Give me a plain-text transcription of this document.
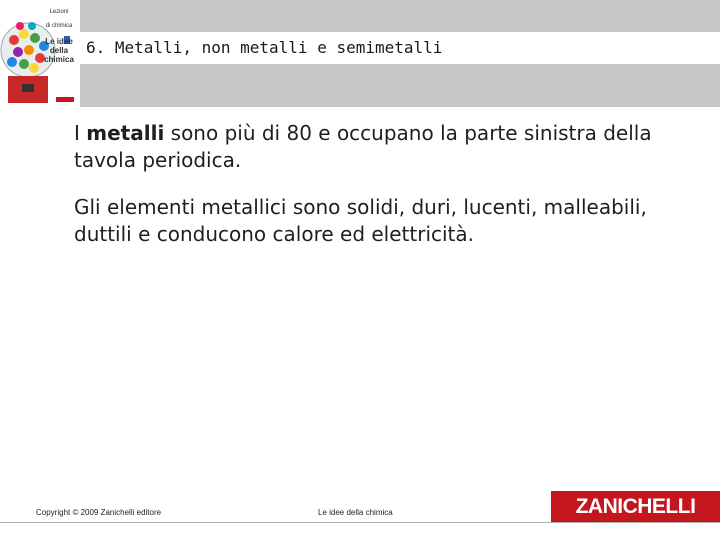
Lezioni

di chimica

Le idee della chimica

6. Metalli, non metalli e semimetalli
I metalli sono più di 80 e occupano la parte sinistra della tavola periodica.
Gli elementi metallici sono solidi, duri, lucenti, malleabili, duttili e conducono calore ed elettricità.
Copyright © 2009 Zanichelli editore	Le idee della chimica	ZANICHELLI
